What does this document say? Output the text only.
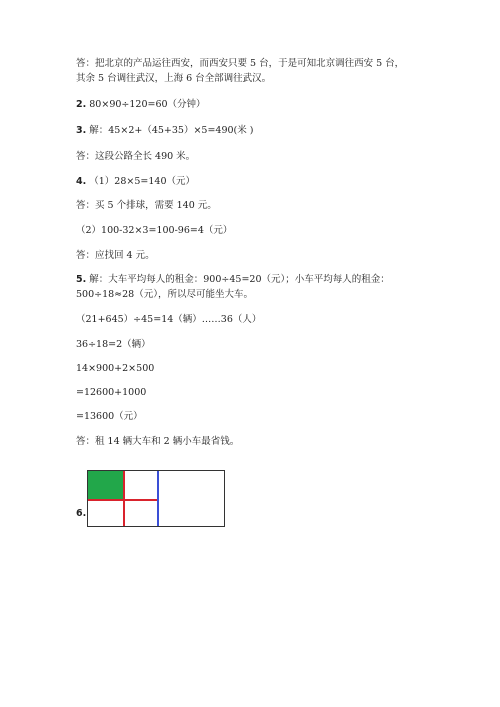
答：把北京的产品运往西安，而西安只要 5 台，于是可知北京调往西安 5 台，
其余 5 台调往武汉，上海 6 台全部调往武汉。
2. 80×90÷120=60（分钟）
3. 解：45×2+（45+35）×5=490(米 )
答：这段公路全长 490 米。
4. （1）28×5=140（元）
答：买 5 个排球，需要 140 元。
（2）100-32×3=100-96=4（元）
答：应找回 4 元。
5. 解：大车平均每人的租金：900÷45=20（元）；小车平均每人的租金：
500÷18≈28（元），所以尽可能坐大车。
（21+645）÷45=14（辆）……36（人）
36÷18=2（辆）
14×900+2×500
=12600+1000
=13600（元）
答：租 14 辆大车和 2 辆小车最省钱。
6.
